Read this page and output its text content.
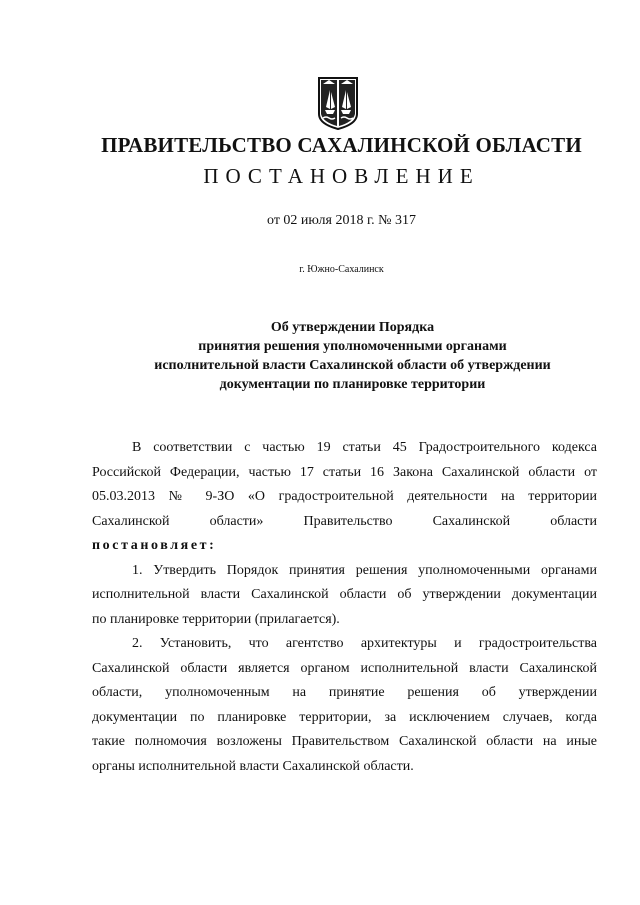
ПРАВИТЕЛЬСТВО САХАЛИНСКОЙ ОБЛАСТИ
ПОСТАНОВЛЕНИЕ
от 02 июля 2018 г. № 317
г. Южно-Сахалинск
Об утверждении Порядка
принятия решения уполномоченными органами
исполнительной власти Сахалинской области об утверждении
документации по планировке территории
В соответствии с частью 19 статьи 45 Градостроительного кодекса
Российской Федерации, частью 17 статьи 16 Закона Сахалинской области от
05.03.2013 № 9-ЗО «О градостроительной деятельности на территории
Сахалинской области» Правительство Сахалинской области
постановляет:
1. Утвердить Порядок принятия решения уполномоченными органами
исполнительной власти Сахалинской области об утверждении документации
по планировке территории (прилагается).
2. Установить, что агентство архитектуры и градостроительства
Сахалинской области является органом исполнительной власти Сахалинской
области, уполномоченным на принятие решения об утверждении
документации по планировке территории, за исключением случаев, когда
такие полномочия возложены Правительством Сахалинской области на иные
органы исполнительной власти Сахалинской области.
